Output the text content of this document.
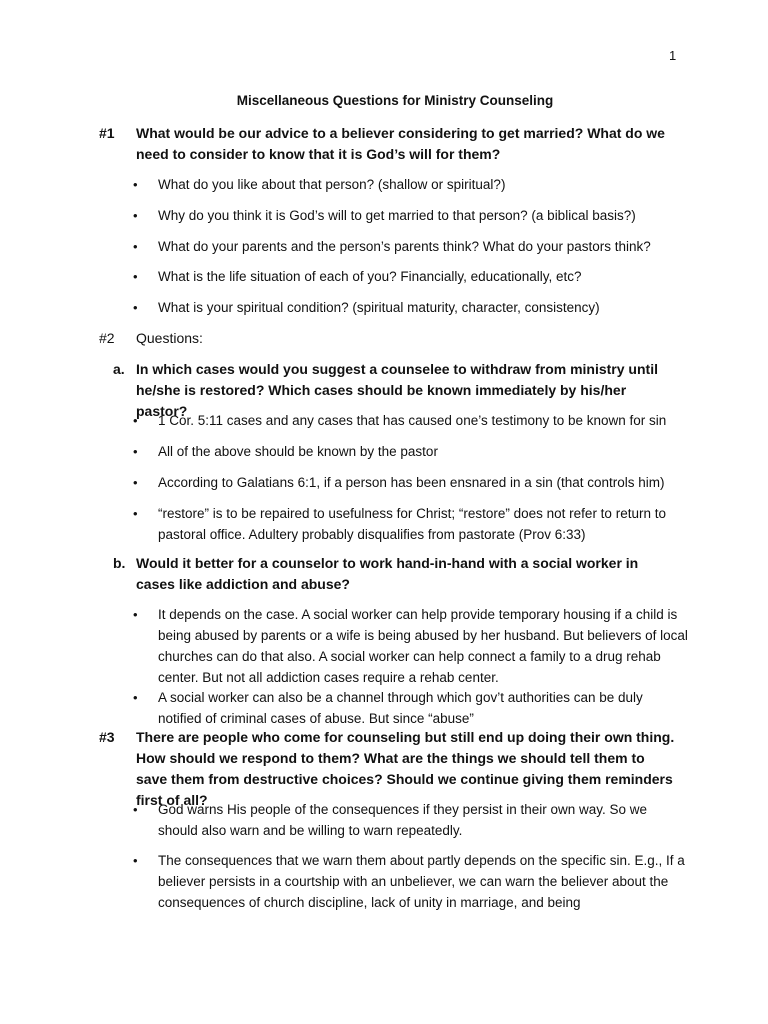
1
Miscellaneous Questions for Ministry Counseling
#1 What would be our advice to a believer considering to get married? What do we need to consider to know that it is God’s will for them?
•	What do you like about that person? (shallow or spiritual?)
•	Why do you think it is God’s will to get married to that person? (a biblical basis?)
•	What do your parents and the person’s parents think? What do your pastors think?
•	What is the life situation of each of you? Financially, educationally, etc?
•	What is your spiritual condition? (spiritual maturity, character, consistency)
#2 Questions:
a. In which cases would you suggest a counselee to withdraw from ministry until he/she is restored? Which cases should be known immediately by his/her pastor?
•	1 Cor. 5:11 cases and any cases that has caused one’s testimony to be known for sin
•	All of the above should be known by the pastor
•	According to Galatians 6:1, if a person has been ensnared in a sin (that controls him)
•	“restore” is to be repaired to usefulness for Christ; “restore” does not refer to return to pastoral office. Adultery probably disqualifies from pastorate (Prov 6:33)
b. Would it better for a counselor to work hand-in-hand with a social worker in cases like addiction and abuse?
•	It depends on the case. A social worker can help provide temporary housing if a child is being abused by parents or a wife is being abused by her husband. But believers of local churches can do that also. A social worker can help connect a family to a drug rehab center. But not all addiction cases require a rehab center.
•	A social worker can also be a channel through which gov’t authorities can be duly notified of criminal cases of abuse. But since “abuse”
#3 There are people who come for counseling but still end up doing their own thing. How should we respond to them? What are the things we should tell them to save them from destructive choices? Should we continue giving them reminders first of all?
•	God warns His people of the consequences if they persist in their own way. So we should also warn and be willing to warn repeatedly.
•	The consequences that we warn them about partly depends on the specific sin. E.g., If a believer persists in a courtship with an unbeliever, we can warn the believer about the consequences of church discipline, lack of unity in marriage, and being
